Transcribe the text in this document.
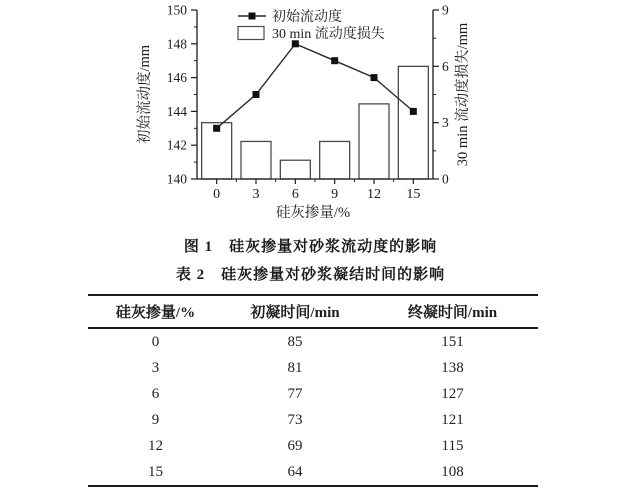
140
142
144
146
148
150
0
3
6
9
0 3 6 9 12 15
初始流动度/mm	30 min 流动度损失/mm
硅灰掺量/%
初始流动度
30 min 流动度损失
图 1　硅灰掺量对砂浆流动度的影响
表 2　硅灰掺量对砂浆凝结时间的影响
硅灰掺量/%	初凝时间/min	终凝时间/min
0	85	151
3	81	138
6	77	127
9	73	121
12	69	115
15	64	108
